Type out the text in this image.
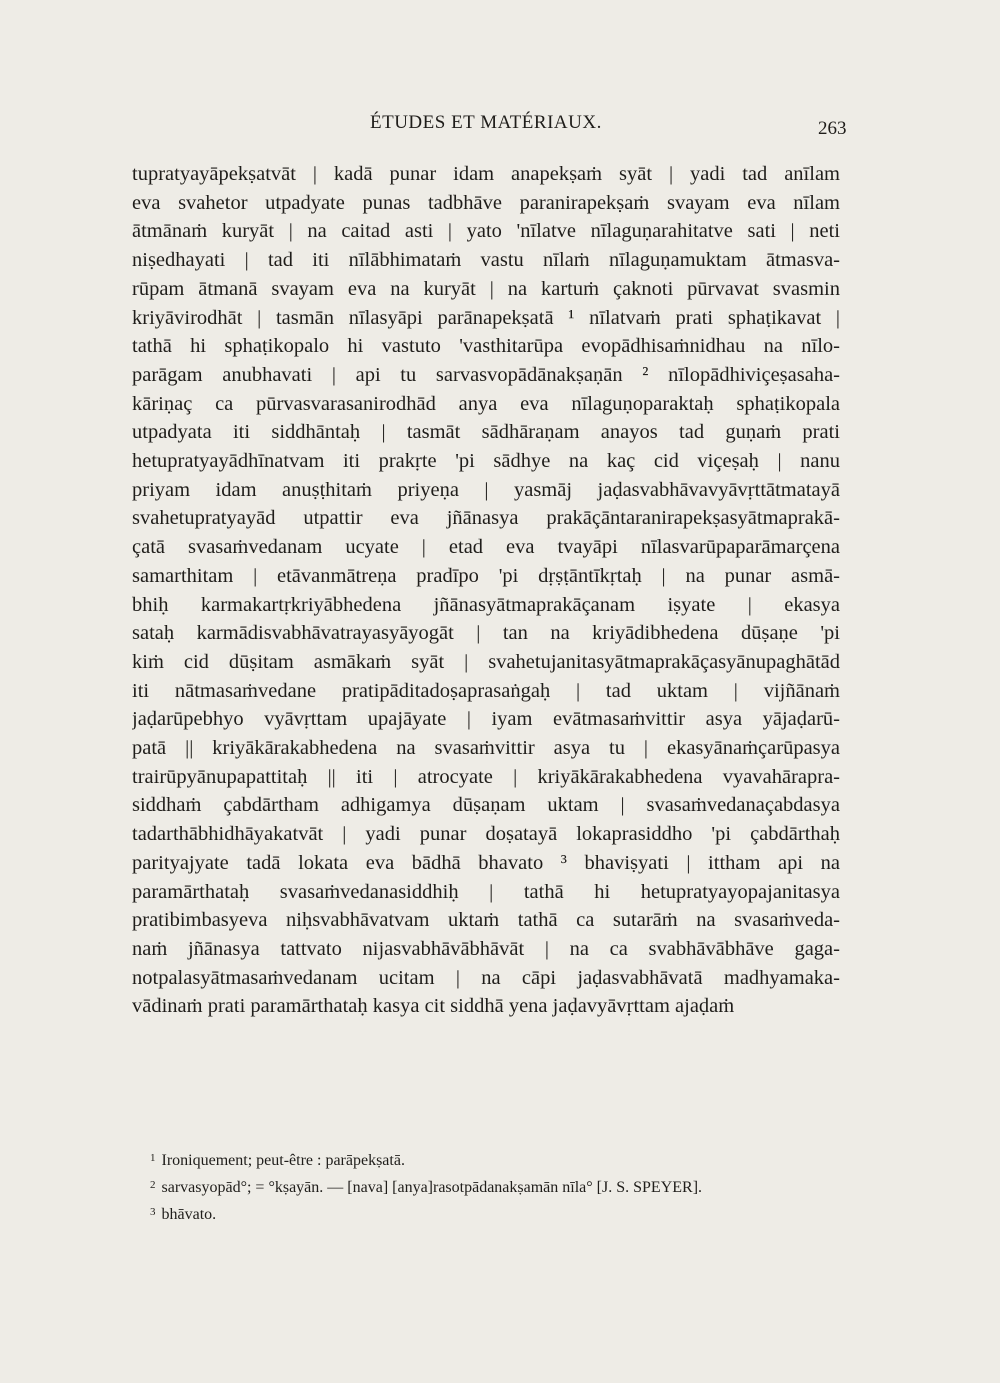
ÉTUDES ET MATÉRIAUX.	263
tupratyayāpekṣatvāt | kadā punar idam anapekṣaṁ syāt | yadi tad anīlam
eva svahetor utpadyate punas tadbhāve paranirapekṣaṁ svayam eva nīlam
ātmānaṁ kuryāt | na caitad asti | yato 'nīlatve nīlaguṇarahitatve sati | neti
niṣedhayati | tad iti nīlābhimataṁ vastu nīlaṁ nīlaguṇamuktam ātmasva-
rūpam ātmanā svayam eva na kuryāt | na kartuṁ çaknoti pūrvavat svasmin
kriyāvirodhāt | tasmān nīlasyāpi parānapekṣatā ¹ nīlatvaṁ prati sphaṭikavat |
tathā hi sphaṭikopalo hi vastuto 'vasthitarūpa evopādhisaṁnidhau na nīlo-
parāgam anubhavati | api tu sarvasvopādānakṣaṇān ² nīlopādhiviçeṣasaha-
kāriṇaç ca pūrvasvarasanirodhād anya eva nīlaguṇoparaktaḥ sphaṭikopala
utpadyata iti siddhāntaḥ | tasmāt sādhāraṇam anayos tad guṇaṁ prati
hetupratyayādhīnatvam iti prakṛte 'pi sādhye na kaç cid viçeṣaḥ | nanu
priyam idam anuṣṭhitaṁ priyeṇa | yasmāj jaḍasvabhāvavyāvṛttātmatayā
svahetupratyayād utpattir eva jñānasya prakāçāntaranirapekṣasyātmaprakā-
çatā svasaṁvedanam ucyate | etad eva tvayāpi nīlasvarūpaparāmarçena
samarthitam | etāvanmātreṇa pradīpo 'pi dṛṣṭāntīkṛtaḥ | na punar asmā-
bhiḥ karmakartṛkriyābhedena jñānasyātmaprakāçanam iṣyate | ekasya
sataḥ karmādisvabhāvatrayasyāyogāt | tan na kriyādibhedena dūṣaṇe 'pi
kiṁ cid dūṣitam asmākaṁ syāt | svahetujanitasyātmaprakāçasyānupaghātād
iti nātmasaṁvedane pratipāditadoṣaprasaṅgaḥ | tad uktam | vijñānaṁ
jaḍarūpebhyo vyāvṛttam upajāyate | iyam evātmasaṁvittir asya yājaḍarū-
patā || kriyākārakabhedena na svasaṁvittir asya tu | ekasyānaṁçarūpasya
trairūpyānupapattitaḥ || iti | atrocyate | kriyākārakabhedena vyavahārapra-
siddhaṁ çabdārtham adhigamya dūṣaṇam uktam | svasaṁvedanaçabdasya
tadarthābhidhāyakatvāt | yadi punar doṣatayā lokaprasiddho 'pi çabdārthaḥ
parityajyate tadā lokata eva bādhā bhavato ³ bhaviṣyati | ittham api na
paramārthataḥ svasaṁvedanasiddhiḥ | tathā hi hetupratyayopajanitasya
pratibimbasyeva niḥsvabhāvatvam uktaṁ tathā ca sutarāṁ na svasaṁveda-
naṁ jñānasya tattvato nijasvabhāvābhāvāt | na ca svabhāvābhāve gaga-
notpalasyātmasaṁvedanam ucitam | na cāpi jaḍasvabhāvatā madhyamaka-
vādinaṁ prati paramārthataḥ kasya cit siddhā yena jaḍavyāvṛttam ajaḍaṁ
$^1$ Ironiquement; peut-être : parāpekṣatā.
$^2$ sarvasyopād°; = °kṣayān. — [nava] [anya]rasotpādanakṣamān nīla° [J. S. SPEYER].
$^3$ bhāvato.
